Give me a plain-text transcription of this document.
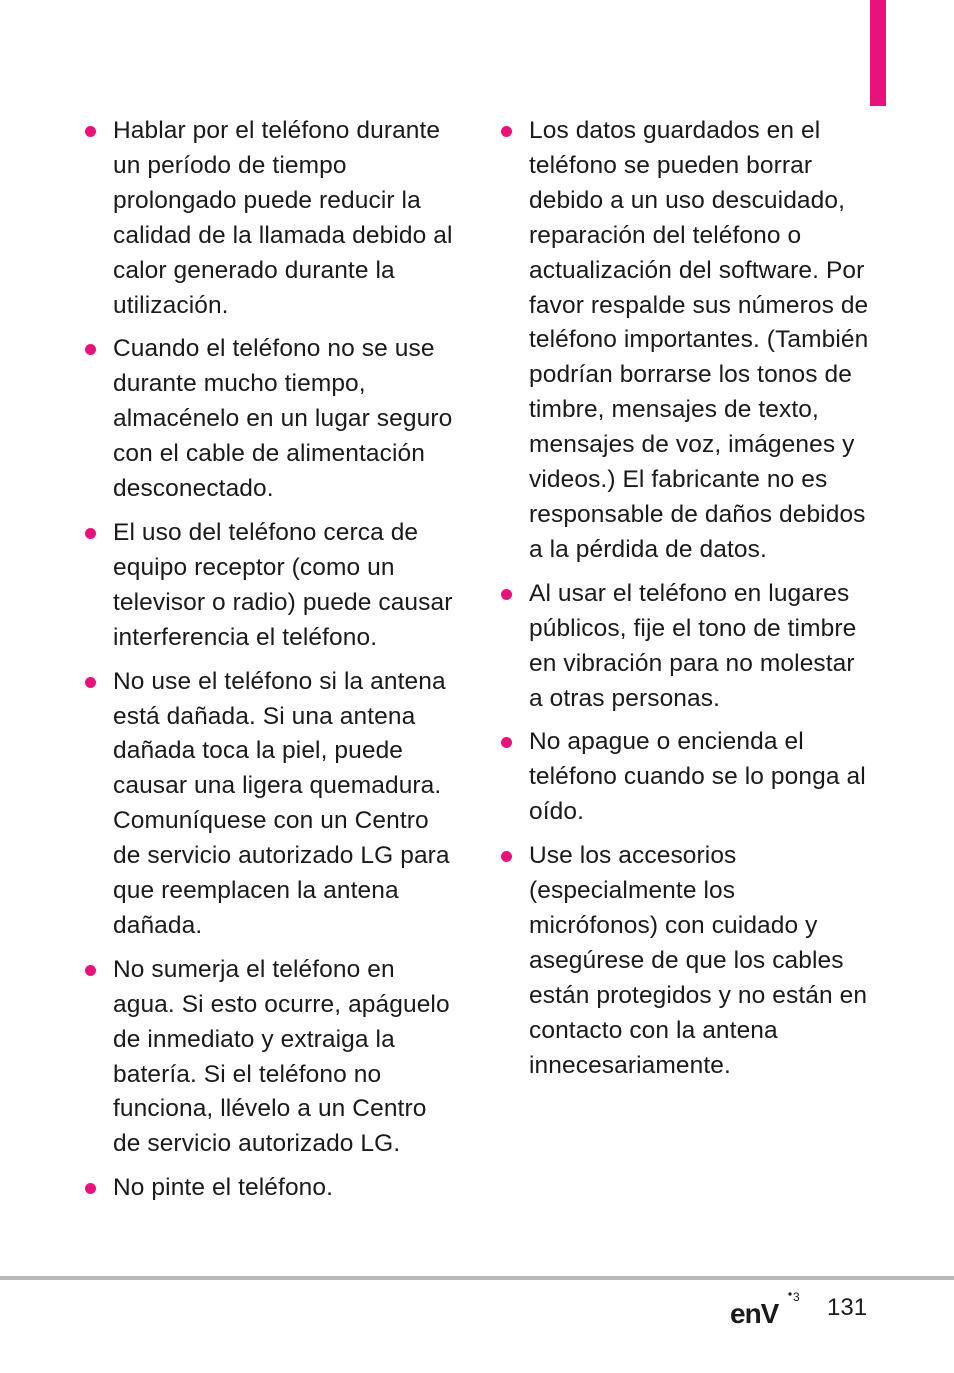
Hablar por el teléfono durante un período de tiempo prolongado puede reducir la calidad de la llamada debido al calor generado durante la utilización.
Cuando el teléfono no se use durante mucho tiempo, almacénelo en un lugar seguro con el cable de alimentación desconectado.
El uso del teléfono cerca de equipo receptor (como un televisor o radio) puede causar interferencia el teléfono.
No use el teléfono si la antena está dañada. Si una antena dañada toca la piel, puede causar una ligera quemadura. Comuníquese con un Centro de servicio autorizado LG para que reemplacen la antena dañada.
No sumerja el teléfono en agua. Si esto ocurre, apáguelo de inmediato y extraiga la batería. Si el teléfono no funciona, llévelo a un Centro de servicio autorizado LG.
No pinte el teléfono.
Los datos guardados en el teléfono se pueden borrar debido a un uso descuidado, reparación del teléfono o actualización del software. Por favor respalde sus números de teléfono importantes. (También podrían borrarse los tonos de timbre, mensajes de texto, mensajes de voz, imágenes y videos.) El fabricante no es responsable de daños debidos a la pérdida de datos.
Al usar el teléfono en lugares públicos, fije el tono de timbre en vibración para no molestar a otras personas.
No apague o encienda el teléfono cuando se lo ponga al oído.
Use los accesorios (especialmente los micrófonos) con cuidado y asegúrese de que los cables están protegidos y no están en contacto con la antena innecesariamente.
enV
3 131
